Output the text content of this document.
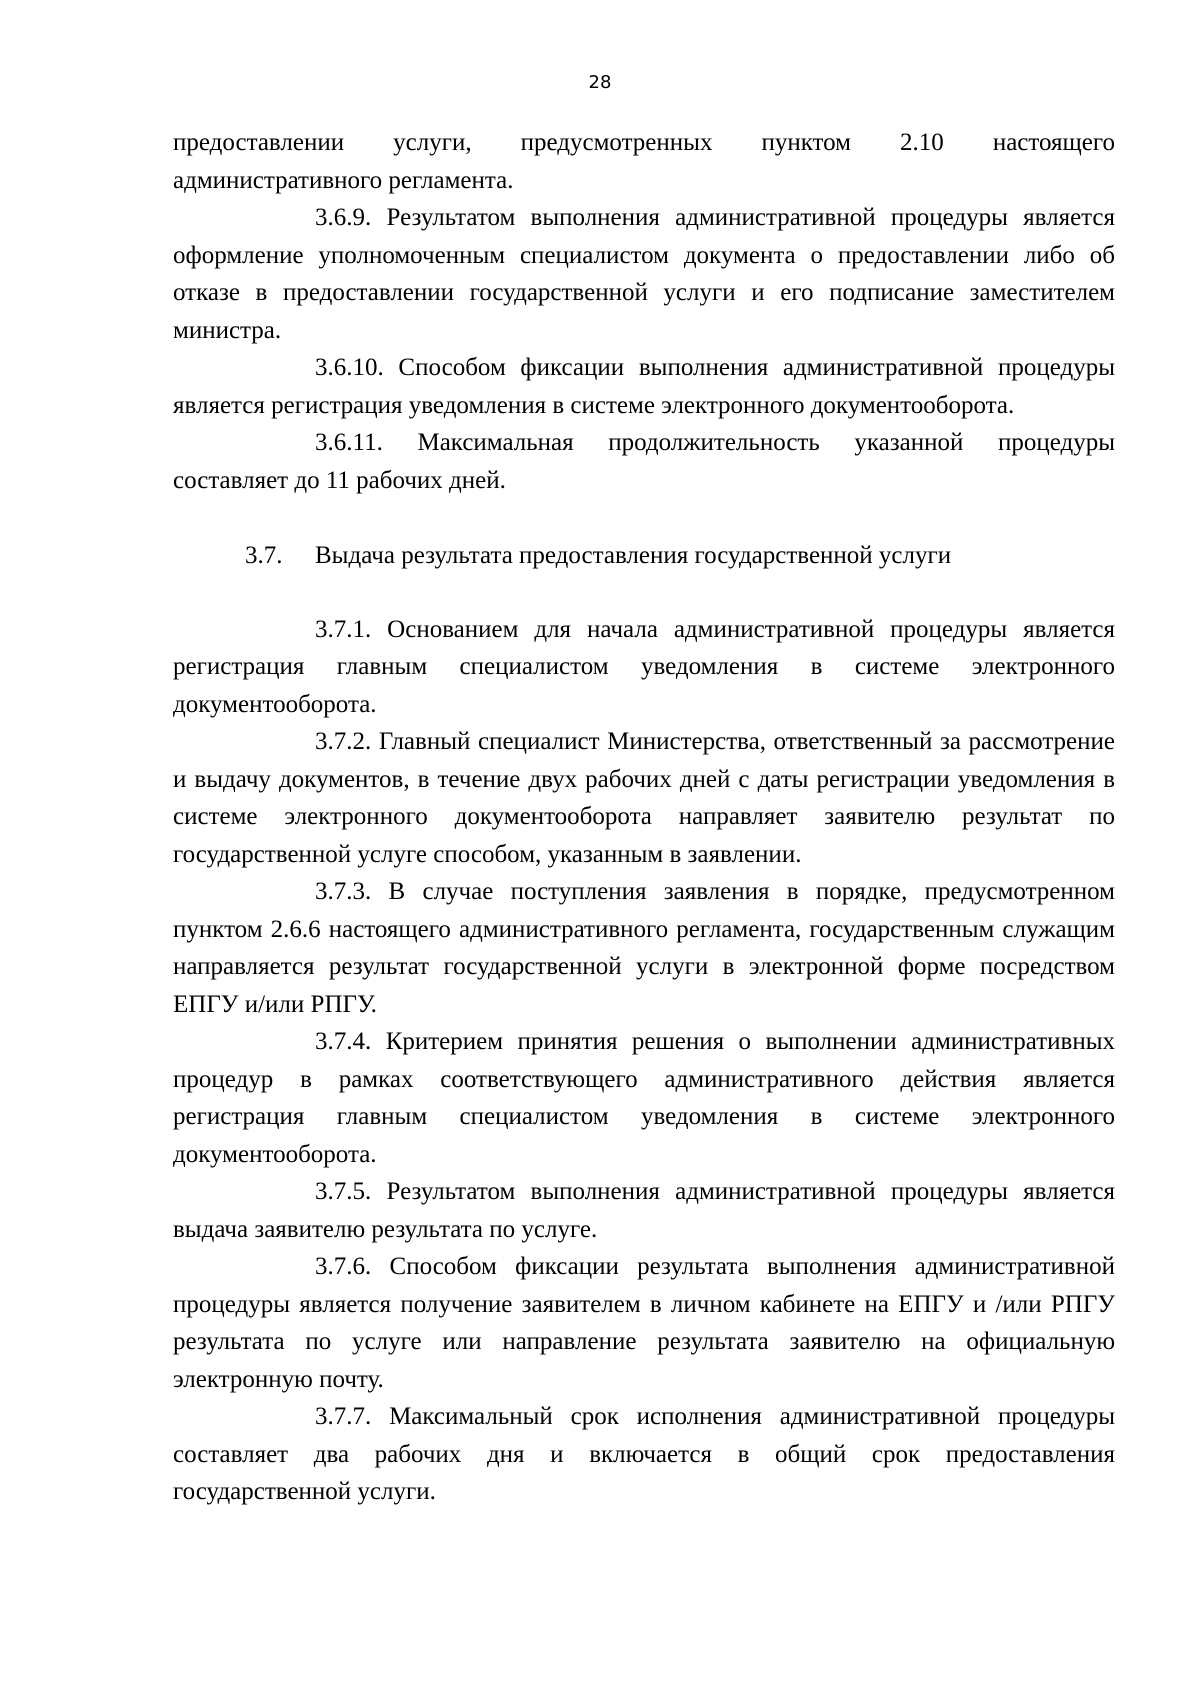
28

предоставлении услуги, предусмотренных пунктом 2.10 настоящего административного регламента.

3.6.9. Результатом выполнения административной процедуры является оформление уполномоченным специалистом документа о предоставлении либо об отказе в предоставлении государственной услуги и его подписание заместителем министра.

3.6.10. Способом фиксации выполнения административной процедуры является регистрация уведомления в системе электронного документооборота.

3.6.11. Максимальная продолжительность указанной процедуры составляет до 11 рабочих дней.

3.7. Выдача результата предоставления государственной услуги

3.7.1. Основанием для начала административной процедуры является регистрация главным специалистом уведомления в системе электронного документооборота.

3.7.2. Главный специалист Министерства, ответственный за рассмотрение и выдачу документов, в течение двух рабочих дней с даты регистрации уведомления в системе электронного документооборота направляет заявителю результат по государственной услуге способом, указанным в заявлении.

3.7.3. В случае поступления заявления в порядке, предусмотренном пунктом 2.6.6 настоящего административного регламента, государственным служащим направляется результат государственной услуги в электронной форме посредством ЕПГУ и/или РПГУ.

3.7.4. Критерием принятия решения о выполнении административных процедур в рамках соответствующего административного действия является регистрация главным специалистом уведомления в системе электронного документооборота.

3.7.5. Результатом выполнения административной процедуры является выдача заявителю результата по услуге.

3.7.6. Способом фиксации результата выполнения административной процедуры является получение заявителем в личном кабинете на ЕПГУ и /или РПГУ результата по услуге или направление результата заявителю на официальную электронную почту.

3.7.7. Максимальный срок исполнения административной процедуры составляет два рабочих дня и включается в общий срок предоставления государственной услуги.
